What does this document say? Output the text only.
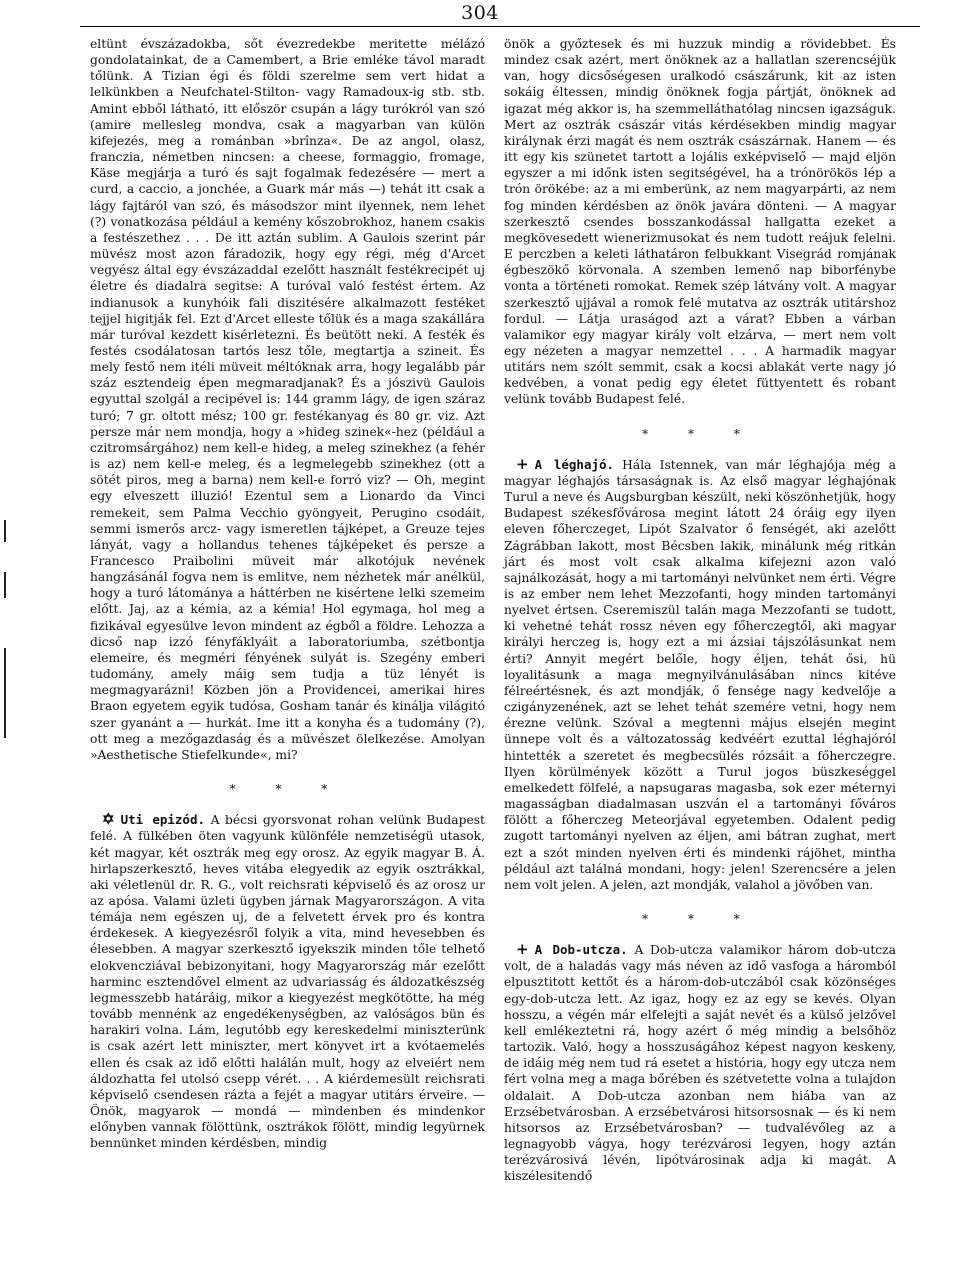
304

eltünt évszázadokba, sőt évezredekbe meritette mélázó gondolatainkat, de a Camembert, a Brie emléke távol maradt tőlünk. A Tizian égi és földi szerelme sem vert hidat a lelkünkben a Neufchatel-Stilton- vagy Ramadoux-ig stb. stb. Amint ebből látható, itt először csupán a lágy turókról van szó (amire mellesleg mondva, csak a magyarban van külön kifejezés, meg a románban »brînza«. De az angol, olasz, franczia, németben nincsen: a cheese, formaggio, fromage, Käse megjárja a turó és sajt fogalmak fedezésére — mert a curd, a caccio, a jonchée, a Guark már más —) tehát itt csak a lágy fajtáról van szó, és másodszor mint ilyennek, nem lehet (?) vonatkozása például a kemény kőszobrokhoz, hanem csakis a festészethez . . . De itt aztán sublim. A Gaulois szerint pár müvész most azon fáradozik, hogy egy régi, még d'Arcet vegyész által egy évszázaddal ezelőtt használt festékrecipét uj életre és diadalra segitse: A turóval való festést értem. Az indianusok a kunyhóik fali diszitésére alkalmazott festéket tejjel higitják fel. Ezt d'Arcet elleste tőlük és a maga szakállára már turóval kezdett kisérletezni. És beütött neki. A festék és festés csodálatosan tartós lesz tőle, megtartja a szineit. És mely festő nem itéli müveit méltóknak arra, hogy legalább pár száz esztendeig épen megmaradjanak? És a jószivü Gaulois egyuttal szolgál a recipével is: 144 gramm lágy, de igen száraz turó; 7 gr. oltott mész; 100 gr. festékanyag és 80 gr. viz. Azt persze már nem mondja, hogy a »hideg szinek«-hez (például a czitromsárgához) nem kell-e hideg, a meleg szinekhez (a fehér is az) nem kell-e meleg, és a legmelegebb szinekhez (ott a sötét piros, meg a barna) nem kell-e forró viz? — Oh, megint egy elveszett illuzió! Ezentul sem a Lionardo da Vinci remekeit, sem Palma Vecchio gyöngyeit, Perugino csodáit, semmi ismerős arcz- vagy ismeretlen tájképet, a Greuze tejes lányát, vagy a hollandus tehenes tájképeket és persze a Francesco Praibolini müveit már alkotójuk nevének hangzásánál fogva nem is emlitve, nem nézhetek már anélkül, hogy a turó látománya a háttérben ne kisértene lelki szemeim előtt. Jaj, az a kémia, az a kémia! Hol egymaga, hol meg a fizikával egyesülve levon mindent az égből a földre. Lehozza a dicső nap izzó fényfáklyáit a laboratoriumba, szétbontja elemeire, és megméri fényének sulyát is. Szegény emberi tudomány, amely máig sem tudja a tüz lényét is megmagyarázni! Közben jön a Providencei, amerikai hires Braon egyetem egyik tudósa, Gosham tanár és kinálja világitó szer gyanánt a — hurkát. Ime itt a konyha és a tudomány (?), ott meg a mezőgazdaság és a müvészet ölelkezése. Amolyan »Aesthetische Stiefelkunde«, mi?

* * *

✡ Uti epizód. A bécsi gyorsvonat rohan velünk Budapest felé. A fülkében öten vagyunk különféle nemzetiségü utasok, két magyar, két osztrák meg egy orosz. Az egyik magyar B. Á. hirlapszerkesztő, heves vitába elegyedik az egyik osztrákkal, aki véletlenül dr. R. G., volt reichsrati képviselő és az orosz ur az apósa. Valami üzleti ügyben járnak Magyarországon. A vita témája nem egészen uj, de a felvetett érvek pro és kontra érdekesek. A kiegyezésről folyik a vita, mind hevesebben és élesebben. A magyar szerkesztő igyekszik minden tőle telhető elokvencziával bebizonyitani, hogy Magyarország már ezelőtt harminc esztendővel elment az udvariasság és áldozatkészség legmesszebb határáig, mikor a kiegyezést megkötötte, ha még tovább mennénk az engedékenységben, az valóságos bün és harakiri volna. Lám, legutóbb egy kereskedelmi miniszterünk is csak azért lett miniszter, mert könyvet irt a kvótaemelés ellen és csak az idő előtti halálán mult, hogy az elveiért nem áldozhatta fel utolsó csepp vérét. . . A kiérdemesült reichsrati képviselő csendesen rázta a fejét a magyar utitárs érveire. — Önök, magyarok — mondá — mindenben és mindenkor előnyben vannak fölöttünk, osztrákok fölött, mindig legyürnek bennünket minden kérdésben, mindig

önök a győztesek és mi huzzuk mindig a rövidebbet. És mindez csak azért, mert önöknek az a hallatlan szerencséjük van, hogy dicsőségesen uralkodó császárunk, kit az isten sokáig éltessen, mindig önöknek fogja pártját, önöknek ad igazat még akkor is, ha szemmelláthatólag nincsen igazságuk. Mert az osztrák császár vitás kérdésekben mindig magyar királynak érzi magát és nem osztrák császárnak. Hanem — és itt egy kis szünetet tartott a lojális exképviselő — majd eljön egyszer a mi időnk isten segitségével, ha a trónörökös lép a trón örökébe: az a mi emberünk, az nem magyarpárti, az nem fog minden kérdésben az önök javára dönteni. — A magyar szerkesztő csendes bosszankodással hallgatta ezeket a megkövesedett wienerizmusokat és nem tudott reájuk felelni. E perczben a keleti láthatáron felbukkant Visegrád romjának égbeszökő körvonala. A szemben lemenő nap biborfénybe vonta a történeti romokat. Remek szép látvány volt. A magyar szerkesztő ujjával a romok felé mutatva az osztrák utitárshoz fordul. — Látja uraságod azt a várat? Ebben a várban valamikor egy magyar király volt elzárva, — mert nem volt egy nézeten a magyar nemzettel . . . A harmadik magyar utitárs nem szólt semmit, csak a kocsi ablakát verte nagy jó kedvében, a vonat pedig egy életet füttyentett és robant velünk tovább Budapest felé.

* * *

+ A léghajó. Hála Istennek, van már léghajója még a magyar léghajós társaságnak is. Az első magyar léghajónak Turul a neve és Augsburgban készült, neki köszönhetjük, hogy Budapest székesfővárosa megint látott 24 óráig egy ilyen eleven főherczeget, Lipót Szalvator ő fenségét, aki azelőtt Zágrábban lakott, most Bécsben lakik, minálunk még ritkán járt és most volt csak alkalma kifejezni azon való sajnálkozását, hogy a mi tartományi nelvünket nem érti. Végre is az ember nem lehet Mezzofanti, hogy minden tartományi nyelvet értsen. Cseremiszül talán maga Mezzofanti se tudott, ki vehetné tehát rossz néven egy főherczegtől, aki magyar királyi herczeg is, hogy ezt a mi ázsiai tájszólásunkat nem érti? Annyit megért belőle, hogy éljen, tehát ősi, hü loyalitásunk a maga megnyilvánulásában nincs kitéve félreértésnek, és azt mondják, ő fensége nagy kedvelője a czigányzenének, azt se lehet tehát szemére vetni, hogy nem érezne velünk. Szóval a megtenni május elsején megint ünnepe volt és a változatosság kedvéért ezuttal léghajóról hintették a szeretet és megbecsülés rózsáit a főherczegre. Ilyen körülmények között a Turul jogos büszkeséggel emelkedett fölfelé, a napsugaras magasba, sok ezer méternyi magasságban diadalmasan uszván el a tartományi főváros fölött a főherczeg Meteorjával egyetemben. Odalent pedig zugott tartományi nyelven az éljen, ami bátran zughat, mert ezt a szót minden nyelven érti és mindenki rájöhet, mintha például azt találná mondani, hogy: jelen! Szerencsére a jelen nem volt jelen. A jelen, azt mondják, valahol a jövőben van.

* * *

+ A Dob-utcza. A Dob-utcza valamikor három dob-utcza volt, de a haladás vagy más néven az idő vasfoga a háromból elpusztitott kettőt és a három-dob-utczából csak közönséges egy-dob-utcza lett. Az igaz, hogy ez az egy se kevés. Olyan hosszu, a végén már elfelejti a saját nevét és a külső jelzővel kell emlékeztetni rá, hogy azért ő még mindig a belsőhöz tartozik. Való, hogy a hosszuságához képest nagyon keskeny, de idáig még nem tud rá esetet a história, hogy egy utcza nem fért volna meg a maga bőrében és szétvetette volna a tulajdon oldalait. A Dob-utcza azonban nem hiába van az Erzsébetvárosban. A erzsébetvárosi hitsorsosnak — és ki nem hitsorsos az Erzsébetvárosban? — tudvalévőleg az a legnagyobb vágya, hogy terézvárosi legyen, hogy aztán terézvárosivá lévén, lipótvárosinak adja ki magát. A kiszélesitendő
